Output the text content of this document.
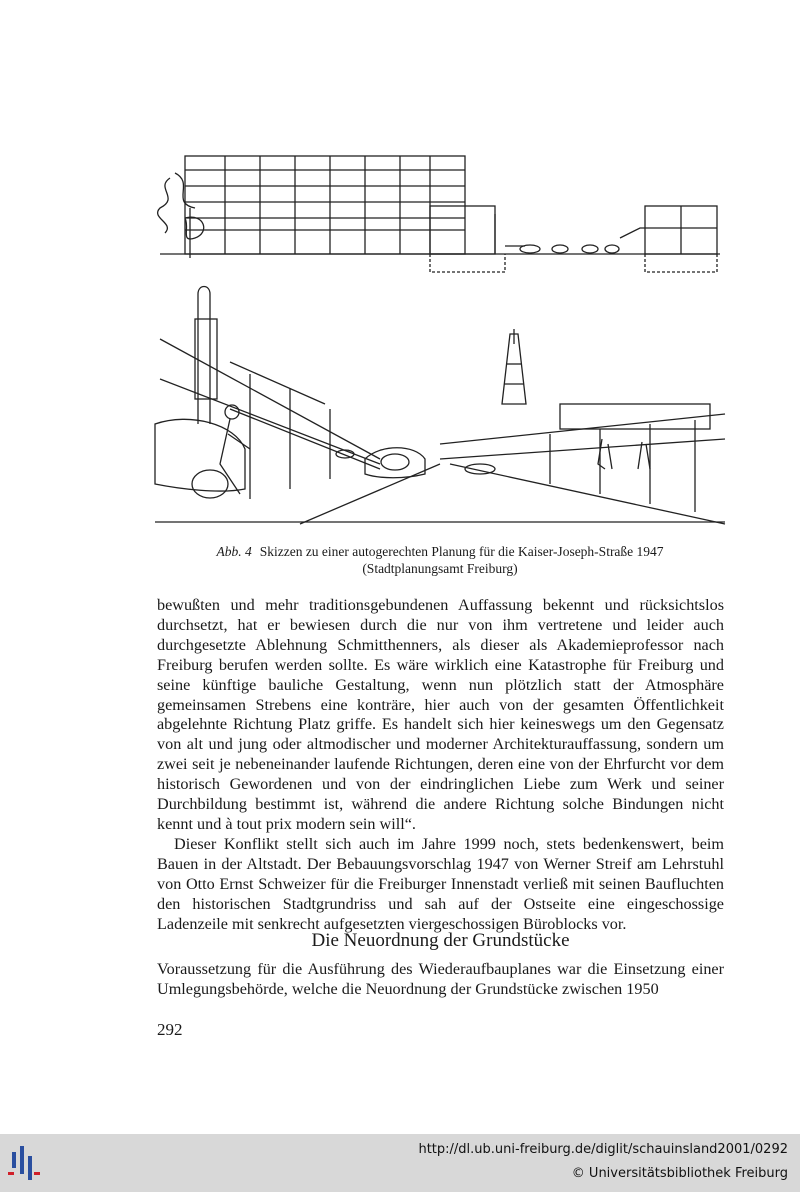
Abb. 4 Skizzen zu einer autogerechten Planung für die Kaiser-Joseph-Straße 1947
(Stadtplanungsamt Freiburg)

bewußten und mehr traditionsgebundenen Auffassung bekennt und rücksichtslos durchsetzt, hat er bewiesen durch die nur von ihm vertretene und leider auch durchgesetzte Ablehnung Schmitthenners, als dieser als Akademieprofessor nach Freiburg berufen werden sollte. Es wäre wirklich eine Katastrophe für Freiburg und seine künftige bauliche Gestaltung, wenn nun plötzlich statt der Atmosphäre gemeinsamen Strebens eine konträre, hier auch von der gesamten Öffentlichkeit abgelehnte Richtung Platz griffe. Es handelt sich hier keineswegs um den Gegensatz von alt und jung oder altmodischer und moderner Architekturauffassung, sondern um zwei seit je nebeneinander laufende Richtungen, deren eine von der Ehrfurcht vor dem historisch Gewordenen und von der eindringlichen Liebe zum Werk und seiner Durchbildung bestimmt ist, während die andere Richtung solche Bindungen nicht kennt und à tout prix modern sein will“.

Dieser Konflikt stellt sich auch im Jahre 1999 noch, stets bedenkenswert, beim Bauen in der Altstadt. Der Bebauungsvorschlag 1947 von Werner Streif am Lehrstuhl von Otto Ernst Schweizer für die Freiburger Innenstadt verließ mit seinen Baufluchten den historischen Stadtgrundriss und sah auf der Ostseite eine eingeschossige Ladenzeile mit senkrecht aufgesetzten viergeschossigen Büroblocks vor.

Die Neuordnung der Grundstücke
Voraussetzung für die Ausführung des Wiederaufbauplanes war die Einsetzung einer Umlegungsbehörde, welche die Neuordnung der Grundstücke zwischen 1950
292
http://dl.ub.uni-freiburg.de/diglit/schauinsland2001/0292
© Universitätsbibliothek Freiburg
